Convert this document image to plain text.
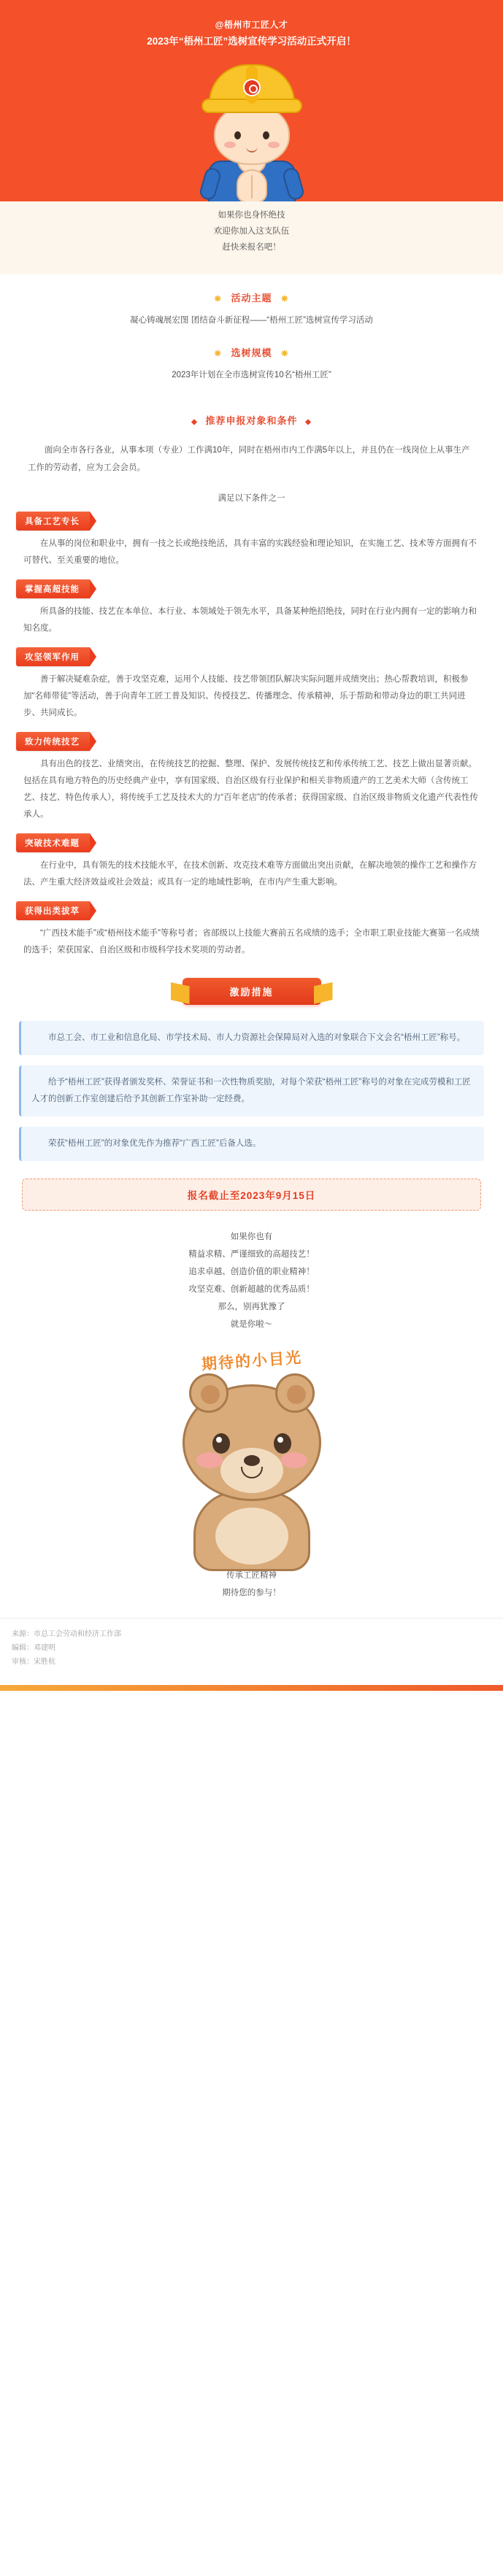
@梧州市工匠人才
2023年“梧州工匠”选树宣传学习活动正式开启！
如果你也身怀绝技
欢迎你加入这支队伍
赶快来报名吧！
❋ 活动主题 ❋
凝心铸魂展宏图 团结奋斗新征程——“梧州工匠”选树宣传学习活动
❋ 选树规模 ❋
2023年计划在全市选树宣传10名“梧州工匠”
◆ 推荐申报对象和条件 ◆
面向全市各行各业，从事本项（专业）工作满10年，同时在梧州市内工作满5年以上，并且仍在一线岗位上从事生产工作的劳动者，应为工会会员。
满足以下条件之一
具备工艺专长
在从事的岗位和职业中，拥有一技之长或绝技绝活，具有丰富的实践经验和理论知识，在实施工艺、技术等方面拥有不可替代、至关重要的地位。
掌握高超技能
所具备的技能、技艺在本单位、本行业、本领域处于领先水平，具备某种绝招绝技，同时在行业内拥有一定的影响力和知名度。
攻坚领军作用
善于解决疑难杂症，善于攻坚克难，运用个人技能、技艺带领团队解决实际问题并成绩突出；热心帮教培训，积极参加“名师带徒”等活动，善于向青年工匠工普及知识、传授技艺、传播理念、传承精神，乐于帮助和带动身边的职工共同进步、共同成长。
致力传统技艺
具有出色的技艺、业绩突出，在传统技艺的挖掘、整理、保护、发展传统技艺和传承传统工艺、技艺上做出显著贡献。包括在具有地方特色的历史经典产业中，享有国家级、自治区级有行业保护和相关非物质遗产的工艺美术大师（含传统工艺、技艺、特色传承人），将传统手工艺及技术大的力“百年老店”的传承者；获得国家级、自治区级非物质文化遗产代表性传承人。
突破技术难题
在行业中，具有领先的技术技能水平，在技术创新、攻克技术难等方面做出突出贡献，在解决地领的操作工艺和操作方法、产生重大经济效益或社会效益；或具有一定的地域性影响，在市内产生重大影响。
获得出类拔萃
“广西技术能手”或“梧州技术能手”等称号者；省部级以上技能大赛前五名成绩的选手；全市职工职业技能大赛第一名成绩的选手；荣获国家、自治区级和市级科学技术奖项的劳动者。
激励措施
市总工会、市工业和信息化局、市学技术局、市人力资源社会保障局对入选的对象联合下文会名“梧州工匠”称号。
给予“梧州工匠”获得者颁发奖杯、荣誉证书和一次性物质奖励，对每个荣获“梧州工匠”称号的对象在完成劳模和工匠人才的创新工作室创建后给予其创新工作室补助一定经费。
荣获“梧州工匠”的对象优先作为推荐“广西工匠”后备人选。
报名截止至2023年9月15日
如果你也有
精益求精、严谨细致的高超技艺！
追求卓越、创造价值的职业精神！
攻坚克难、创新超越的优秀品质！
那么，别再犹豫了
就是你啦～
期待的小目光
传承工匠精神
期待您的参与！
来源：市总工会劳动和经济工作部
编辑：邓建明
审核：宋胜杭
